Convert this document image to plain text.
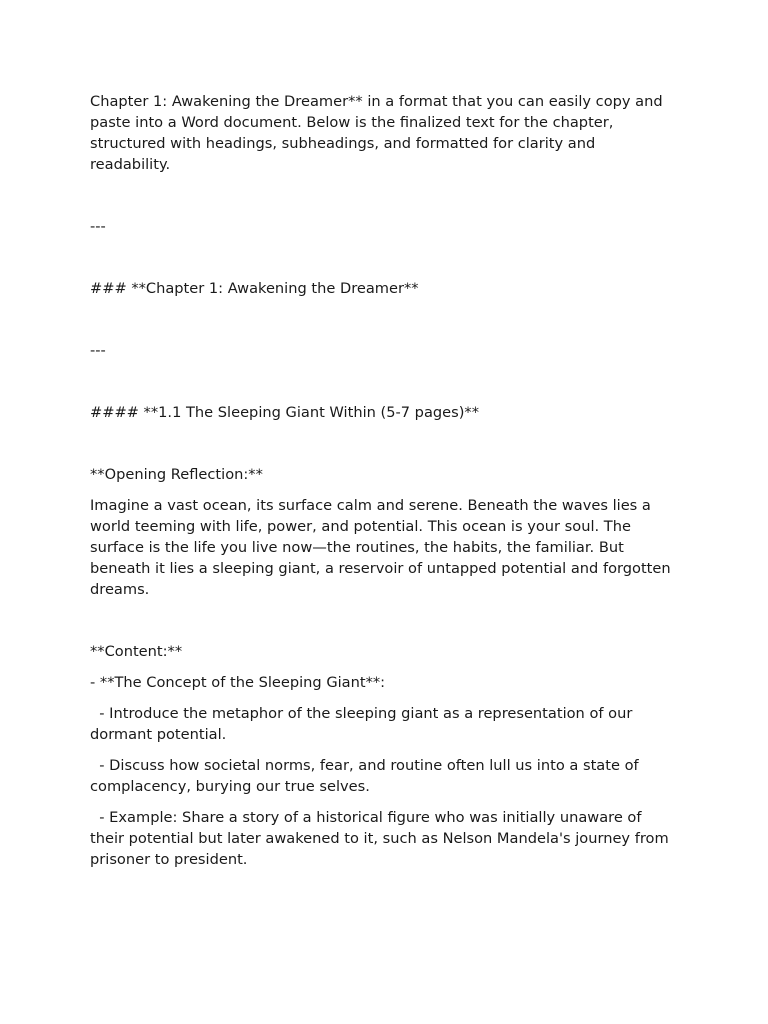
Chapter 1: Awakening the Dreamer** in a format that you can easily copy and paste into a Word document. Below is the finalized text for the chapter, structured with headings, subheadings, and formatted for clarity and readability.

---

### **Chapter 1: Awakening the Dreamer**

---

#### **1.1 The Sleeping Giant Within (5-7 pages)**

**Opening Reflection:**

Imagine a vast ocean, its surface calm and serene. Beneath the waves lies a world teeming with life, power, and potential. This ocean is your soul. The surface is the life you live now—the routines, the habits, the familiar. But beneath it lies a sleeping giant, a reservoir of untapped potential and forgotten dreams.

**Content:**

- **The Concept of the Sleeping Giant**:

- Introduce the metaphor of the sleeping giant as a representation of our dormant potential.

- Discuss how societal norms, fear, and routine often lull us into a state of complacency, burying our true selves.

- Example: Share a story of a historical figure who was initially unaware of their potential but later awakened to it, such as Nelson Mandela's journey from prisoner to president.
